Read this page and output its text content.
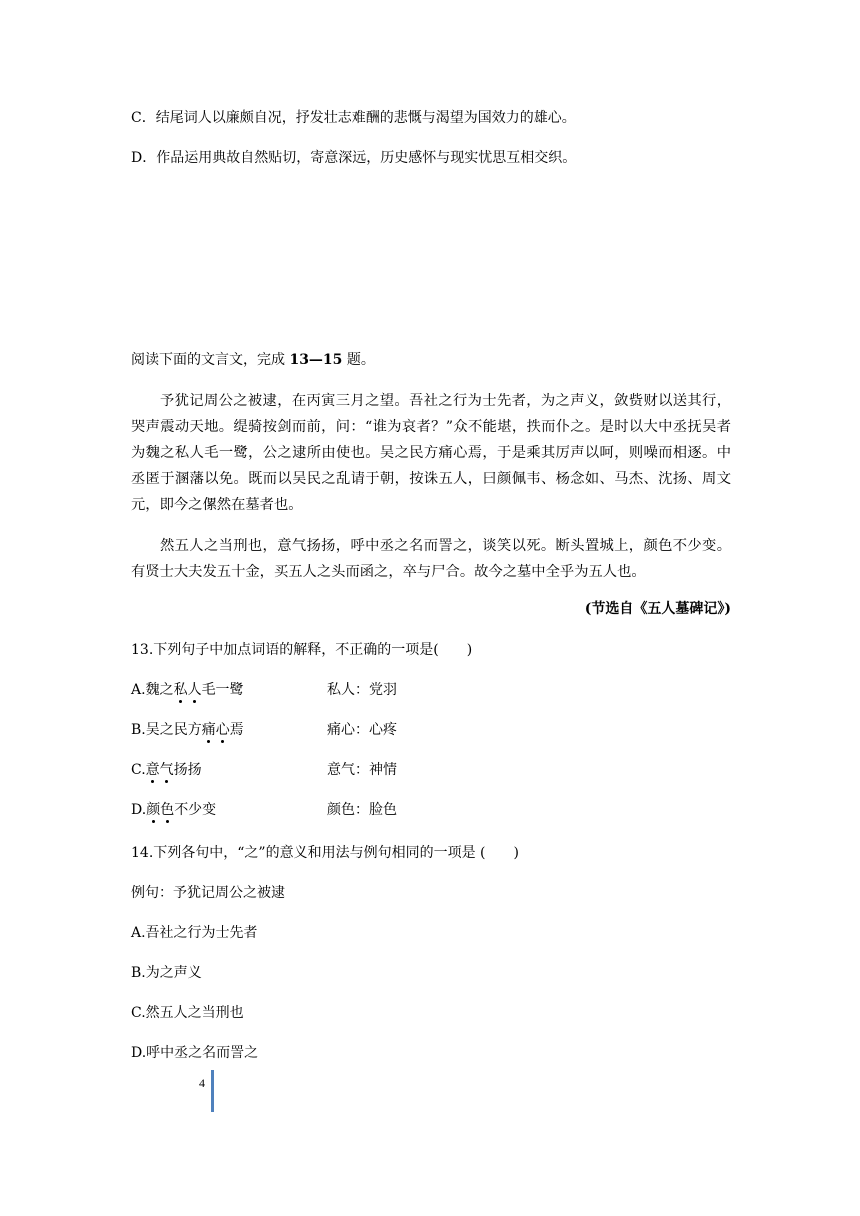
C．结尾词人以廉颇自况，抒发壮志难酬的悲慨与渴望为国效力的雄心。
D．作品运用典故自然贴切，寄意深远，历史感怀与现实忧思互相交织。
阅读下面的文言文，完成 13—15 题。
予犹记周公之被逮，在丙寅三月之望。吾社之行为士先者，为之声义，敛赀财以送其行，哭声震动天地。缇骑按剑而前，问：“谁为哀者？”众不能堪，抶而仆之。是时以大中丞抚吴者为魏之私人毛一鹭，公之逮所由使也。吴之民方痛心焉，于是乘其厉声以呵，则噪而相逐。中丞匿于溷藩以免。既而以吴民之乱请于朝，按诛五人，曰颜佩韦、杨念如、马杰、沈扬、周文元，即今之傫然在墓者也。
然五人之当刑也，意气扬扬，呼中丞之名而詈之，谈笑以死。断头置城上，颜色不少变。有贤士大夫发五十金，买五人之头而函之，卒与尸合。故今之墓中全乎为五人也。
(节选自《五人墓碑记》)
13.下列句子中加点词语的解释，不正确的一项是(　　)
A.魏之私人毛一鹭	私人：党羽
B.吴之民方痛心焉	痛心：心疼
C.意气扬扬	意气：神情
D.颜色不少变	颜色：脸色
14.下列各句中，“之”的意义和用法与例句相同的一项是 (　　)
例句：予犹记周公之被逮
A.吾社之行为士先者
B.为之声义
C.然五人之当刑也
D.呼中丞之名而詈之
4
